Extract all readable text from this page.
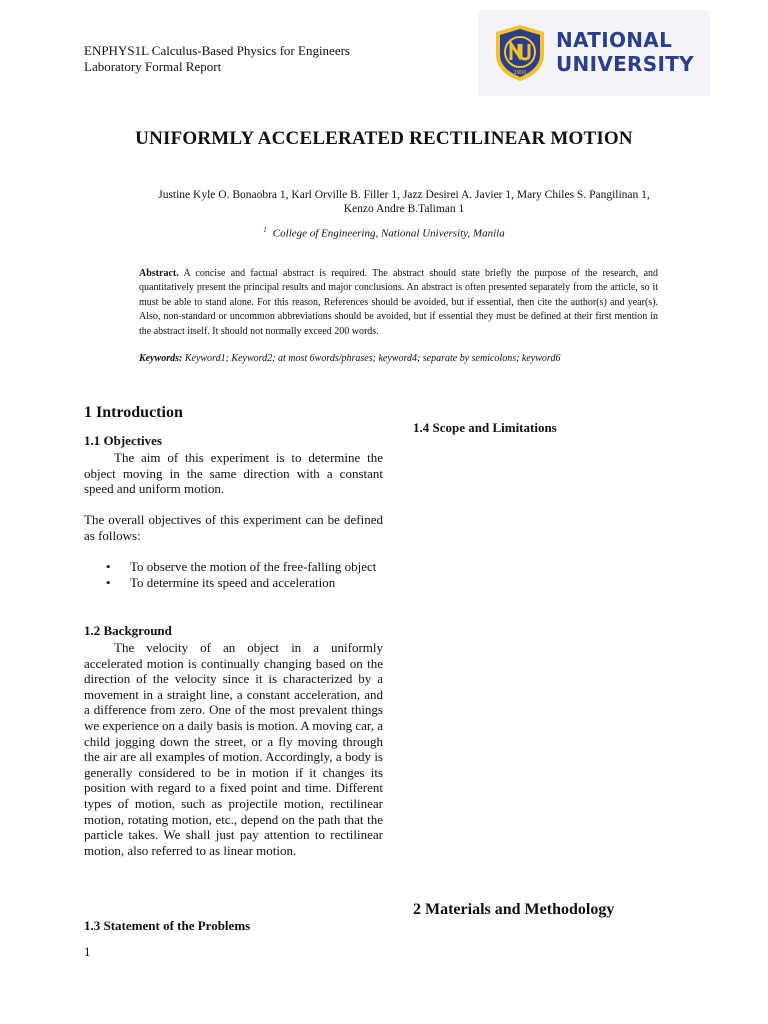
ENPHYS1L Calculus-Based Physics for Engineers
Laboratory Formal Report	1900
NATIONAL
UNIVERSITY
UNIFORMLY ACCELERATED RECTILINEAR MOTION
Justine Kyle O. Bonaobra 1, Karl Orville B. Filler 1, Jazz Desirei A. Javier 1, Mary Chiles S. Pangilinan 1,
Kenzo Andre B.Taliman 1
$^1$ College of Engineering, National University, Manila
Abstract. A concise and factual abstract is required. The abstract should state briefly the purpose of the research, and quantitatively present the principal results and major conclusions. An abstract is often presented separately from the article, so it must be able to stand alone. For this reason, References should be avoided, but if essential, then cite the author(s) and year(s). Also, non-standard or uncommon abbreviations should be avoided, but if essential they must be defined at their first mention in the abstract itself. It should not normally exceed 200 words.
Keywords: Keyword1; Keyword2; at most 6words/phrases; keyword4; separate by semicolons; keyword6
1 Introduction
1.1 Objectives
The aim of this experiment is to determine the object moving in the same direction with a constant speed and uniform motion.
The overall objectives of this experiment can be defined as follows:
• To observe the motion of the free-falling object
• To determine its speed and acceleration
1.2 Background
The velocity of an object in a uniformly accelerated motion is continually changing based on the direction of the velocity since it is characterized by a movement in a straight line, a constant acceleration, and a difference from zero. One of the most prevalent things we experience on a daily basis is motion. A moving car, a child jogging down the street, or a fly moving through the air are all examples of motion. Accordingly, a body is generally considered to be in motion if it changes its position with regard to a fixed point and time. Different types of motion, such as projectile motion, rectilinear motion, rotating motion, etc., depend on the path that the particle takes. We shall just pay attention to rectilinear motion, also referred to as linear motion.
1.3 Statement of the Problems
1.4 Scope and Limitations
2 Materials and Methodology
1
